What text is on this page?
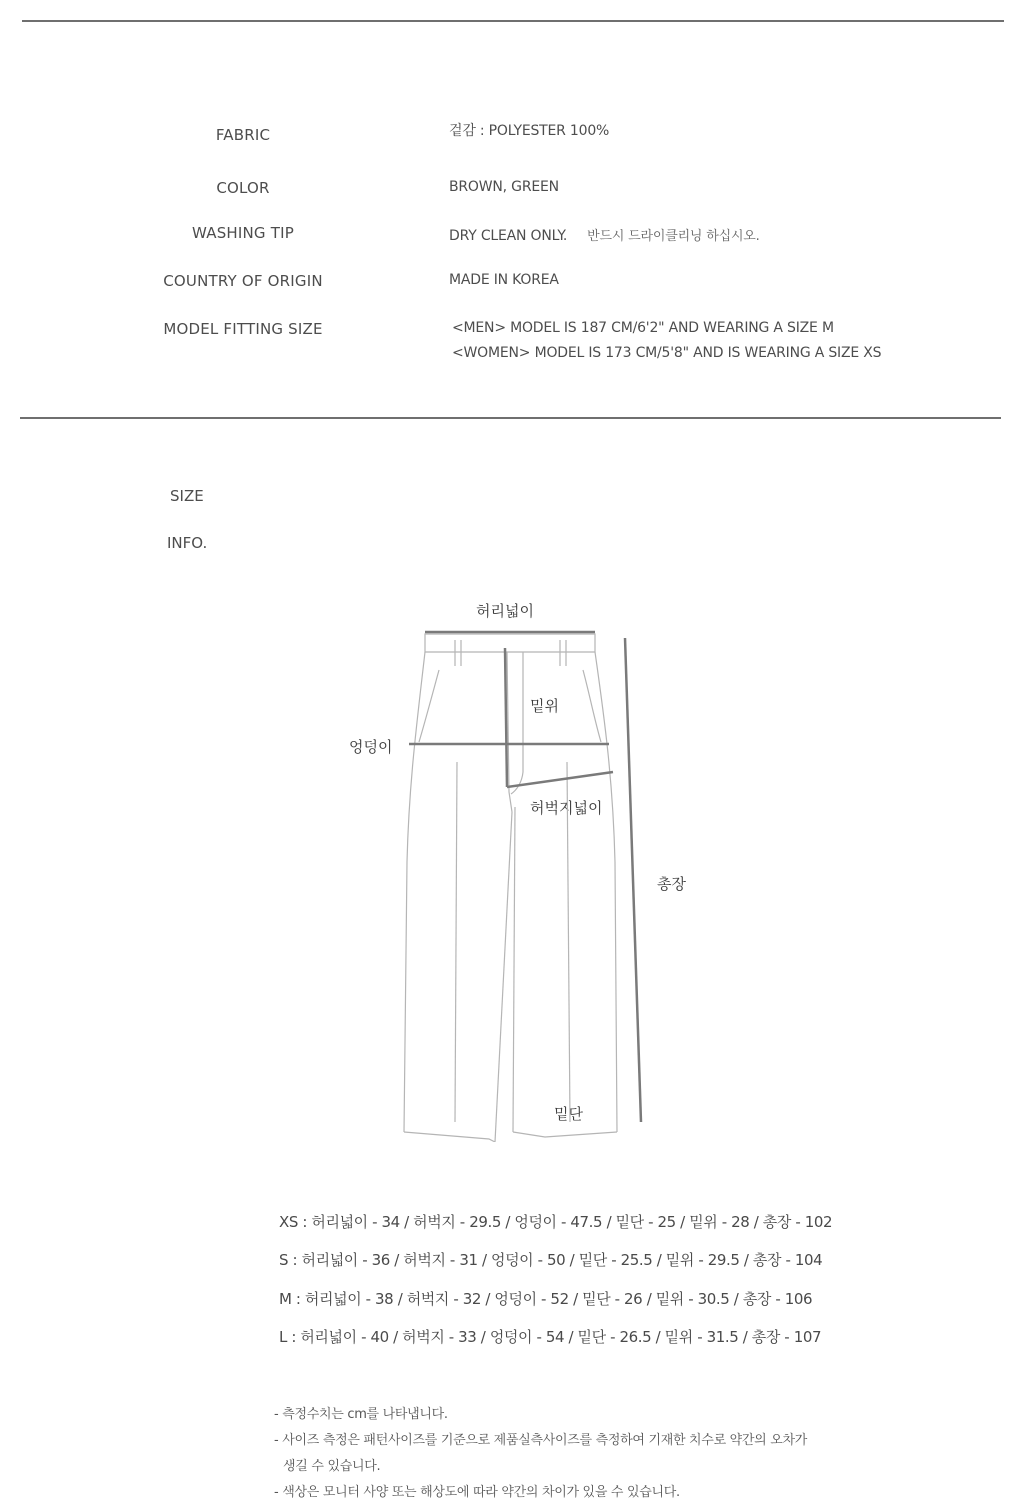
FABRIC	겉감 : POLYESTER 100%
COLOR	BROWN, GREEN
WASHING TIP	DRY CLEAN ONLY. 반드시 드라이클리닝 하십시오.
COUNTRY OF ORIGIN	MADE IN KOREA
MODEL FITTING SIZE	<MEN> MODEL IS 187 CM/6'2" AND WEARING A SIZE M
<WOMEN> MODEL IS 173 CM/5'8" AND IS WEARING A SIZE XS
SIZE
INFO.
허리넓이
밑위
엉덩이
허벅지넓이
총장
밑단
XS : 허리넓이 - 34 / 허벅지 - 29.5 / 엉덩이 - 47.5 / 밑단 - 25 / 밑위 - 28 / 총장 - 102
S : 허리넓이 - 36 / 허벅지 - 31 / 엉덩이 - 50 / 밑단 - 25.5 / 밑위 - 29.5 / 총장 - 104
M : 허리넓이 - 38 / 허벅지 - 32 / 엉덩이 - 52 / 밑단 - 26 / 밑위 - 30.5 / 총장 - 106
L : 허리넓이 - 40 / 허벅지 - 33 / 엉덩이 - 54 / 밑단 - 26.5 / 밑위 - 31.5 / 총장 - 107
- 측정수치는 cm를 나타냅니다.
- 사이즈 측정은 패턴사이즈를 기준으로 제품실측사이즈를 측정하여 기재한 치수로 약간의 오차가
생길 수 있습니다.
- 색상은 모니터 사양 또는 해상도에 따라 약간의 차이가 있을 수 있습니다.
